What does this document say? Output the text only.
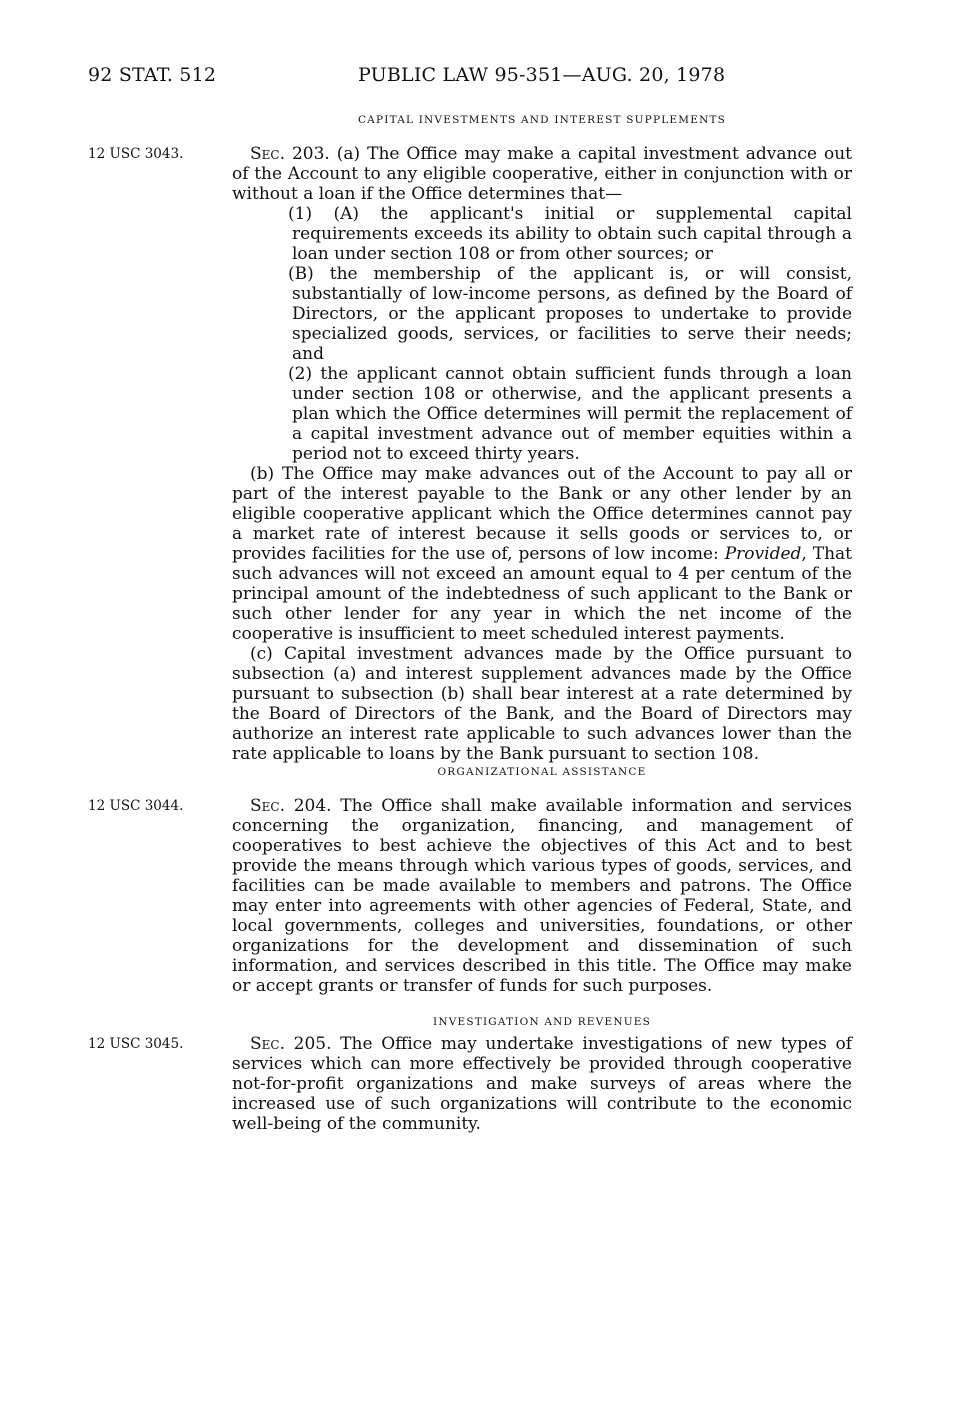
92 STAT. 512	PUBLIC LAW 95-351—AUG. 20, 1978
CAPITAL INVESTMENTS AND INTEREST SUPPLEMENTS
12 USC 3043.	Sec. 203. (a) The Office may make a capital investment advance out of the Account to any eligible cooperative, either in conjunction with or without a loan if the Office determines that—

(1) (A) the applicant's initial or supplemental capital requirements exceeds its ability to obtain such capital through a loan under section 108 or from other sources; or

(B) the membership of the applicant is, or will consist, substantially of low-income persons, as defined by the Board of Directors, or the applicant proposes to undertake to provide specialized goods, services, or facilities to serve their needs; and

(2) the applicant cannot obtain sufficient funds through a loan under section 108 or otherwise, and the applicant presents a plan which the Office determines will permit the replacement of a capital investment advance out of member equities within a period not to exceed thirty years.

(b) The Office may make advances out of the Account to pay all or part of the interest payable to the Bank or any other lender by an eligible cooperative applicant which the Office determines cannot pay a market rate of interest because it sells goods or services to, or provides facilities for the use of, persons of low income: Provided, That such advances will not exceed an amount equal to 4 per centum of the principal amount of the indebtedness of such applicant to the Bank or such other lender for any year in which the net income of the cooperative is insufficient to meet scheduled interest payments.

(c) Capital investment advances made by the Office pursuant to subsection (a) and interest supplement advances made by the Office pursuant to subsection (b) shall bear interest at a rate determined by the Board of Directors of the Bank, and the Board of Directors may authorize an interest rate applicable to such advances lower than the rate applicable to loans by the Bank pursuant to section 108.

ORGANIZATIONAL ASSISTANCE
12 USC 3044.	Sec. 204. The Office shall make available information and services concerning the organization, financing, and management of cooperatives to best achieve the objectives of this Act and to best provide the means through which various types of goods, services, and facilities can be made available to members and patrons. The Office may enter into agreements with other agencies of Federal, State, and local governments, colleges and universities, foundations, or other organizations for the development and dissemination of such information, and services described in this title. The Office may make or accept grants or transfer of funds for such purposes.

INVESTIGATION AND REVENUES
12 USC 3045.	Sec. 205. The Office may undertake investigations of new types of services which can more effectively be provided through cooperative not-for-profit organizations and make surveys of areas where the increased use of such organizations will contribute to the economic well-being of the community.
